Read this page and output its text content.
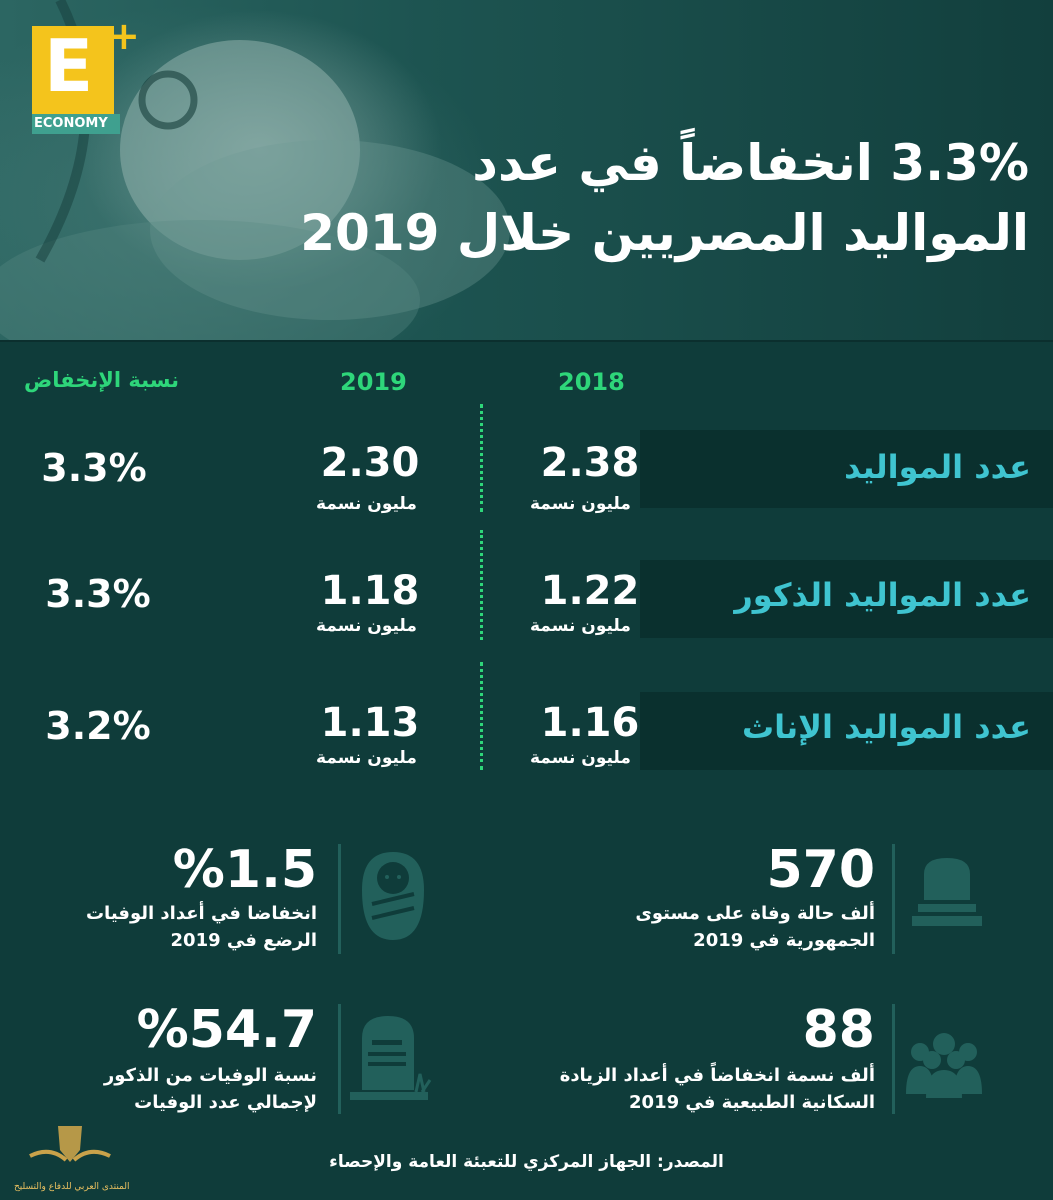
E +
ECONOMY
3.3% انخفاضاً في عدد
المواليد المصريين خلال 2019
2018
2019
نسبة الإنخفاض
عدد المواليد
2.38
مليون نسمة
2.30
مليون نسمة
3.3%
عدد المواليد الذكور
1.22
مليون نسمة
1.18
مليون نسمة
3.3%
عدد المواليد الإناث
1.16
مليون نسمة
1.13
مليون نسمة
3.2%
570
ألف حالة وفاة على مستوى
الجمهورية في 2019
%1.5
انخفاضا في أعداد الوفيات
الرضع في 2019
88
ألف نسمة انخفاضاً في أعداد الزيادة
السكانية الطبيعية في 2019
%54.7
نسبة الوفيات من الذكور
لإجمالي عدد الوفيات
المصدر: الجهاز المركزي للتعبئة العامة والإحصاء
المنتدى العربي للدفاع والتسليح
